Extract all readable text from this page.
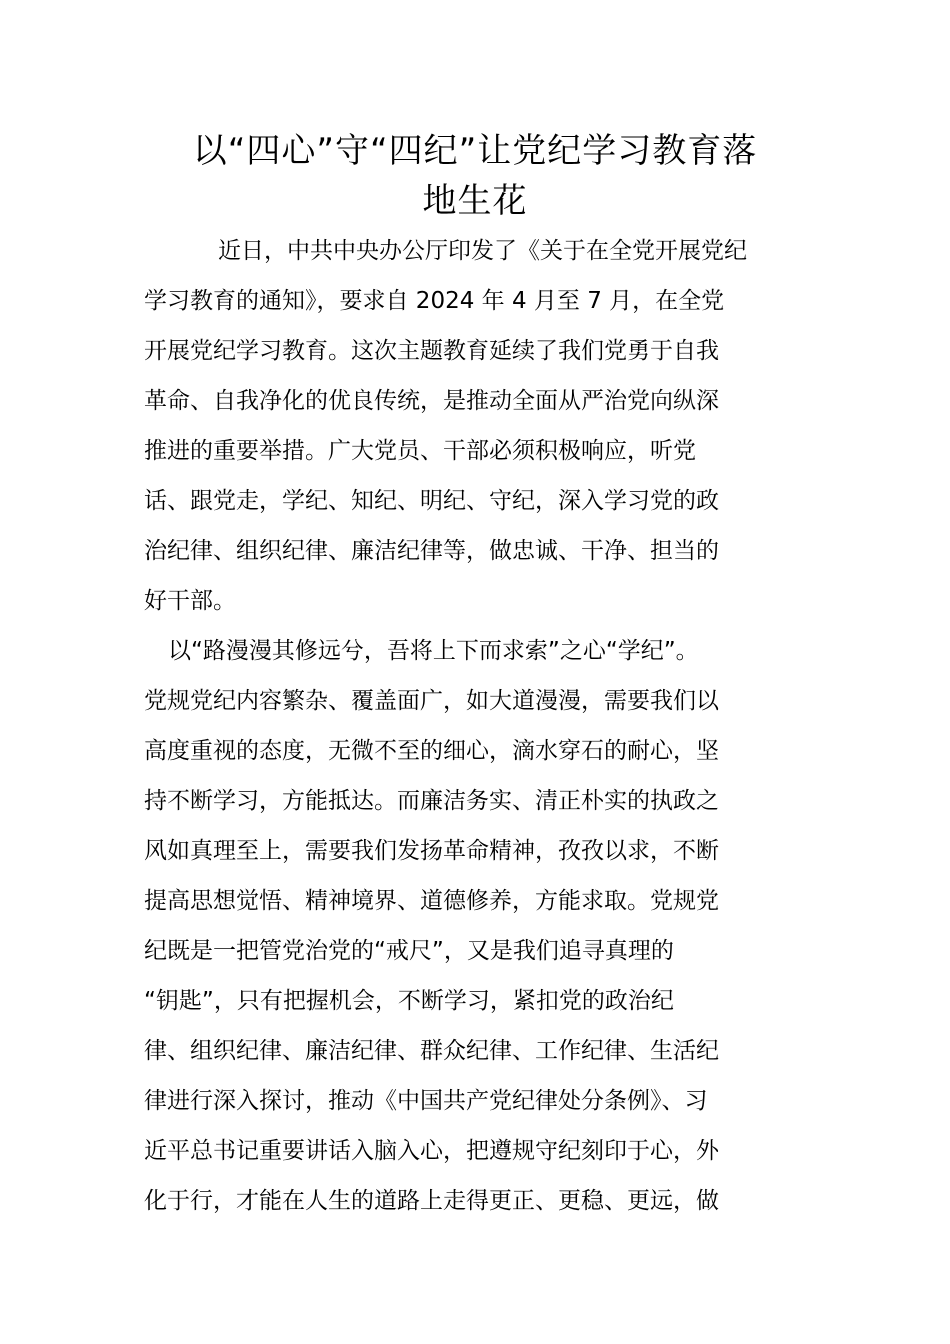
以“四心”守“四纪”让党纪学习教育落
地生花
近日，中共中央办公厅印发了《关于在全党开展党纪
学习教育的通知》，要求自 2024 年 4 月至 7 月，在全党
开展党纪学习教育。这次主题教育延续了我们党勇于自我
革命、自我净化的优良传统，是推动全面从严治党向纵深
推进的重要举措。广大党员、干部必须积极响应，听党
话、跟党走，学纪、知纪、明纪、守纪，深入学习党的政
治纪律、组织纪律、廉洁纪律等，做忠诚、干净、担当的
好干部。
以“路漫漫其修远兮，吾将上下而求索”之心“学纪”。
党规党纪内容繁杂、覆盖面广，如大道漫漫，需要我们以
高度重视的态度，无微不至的细心，滴水穿石的耐心，坚
持不断学习，方能抵达。而廉洁务实、清正朴实的执政之
风如真理至上，需要我们发扬革命精神，孜孜以求，不断
提高思想觉悟、精神境界、道德修养，方能求取。党规党
纪既是一把管党治党的“戒尺”，又是我们追寻真理的
“钥匙”，只有把握机会，不断学习，紧扣党的政治纪
律、组织纪律、廉洁纪律、群众纪律、工作纪律、生活纪
律进行深入探讨，推动《中国共产党纪律处分条例》、习
近平总书记重要讲话入脑入心，把遵规守纪刻印于心，外
化于行，才能在人生的道路上走得更正、更稳、更远，做
